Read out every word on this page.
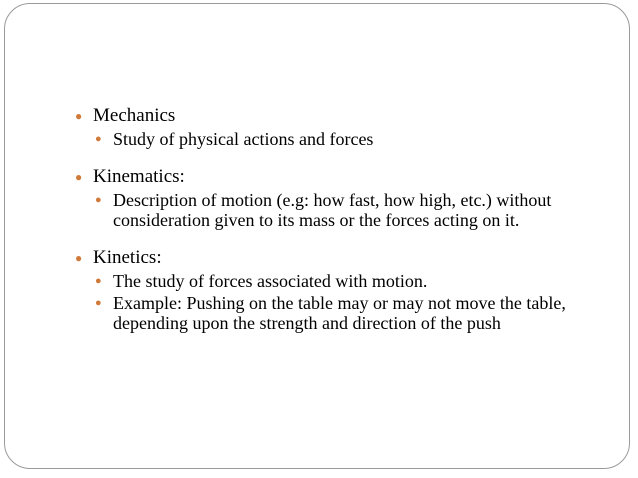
● Mechanics
● Study of physical actions and forces
● Kinematics:
● Description of motion (e.g: how fast, how high, etc.) without consideration given to its mass or the forces acting on it.
● Kinetics:
● The study of forces associated with motion.
● Example: Pushing on the table may or may not move the table, depending upon the strength and direction of the push
